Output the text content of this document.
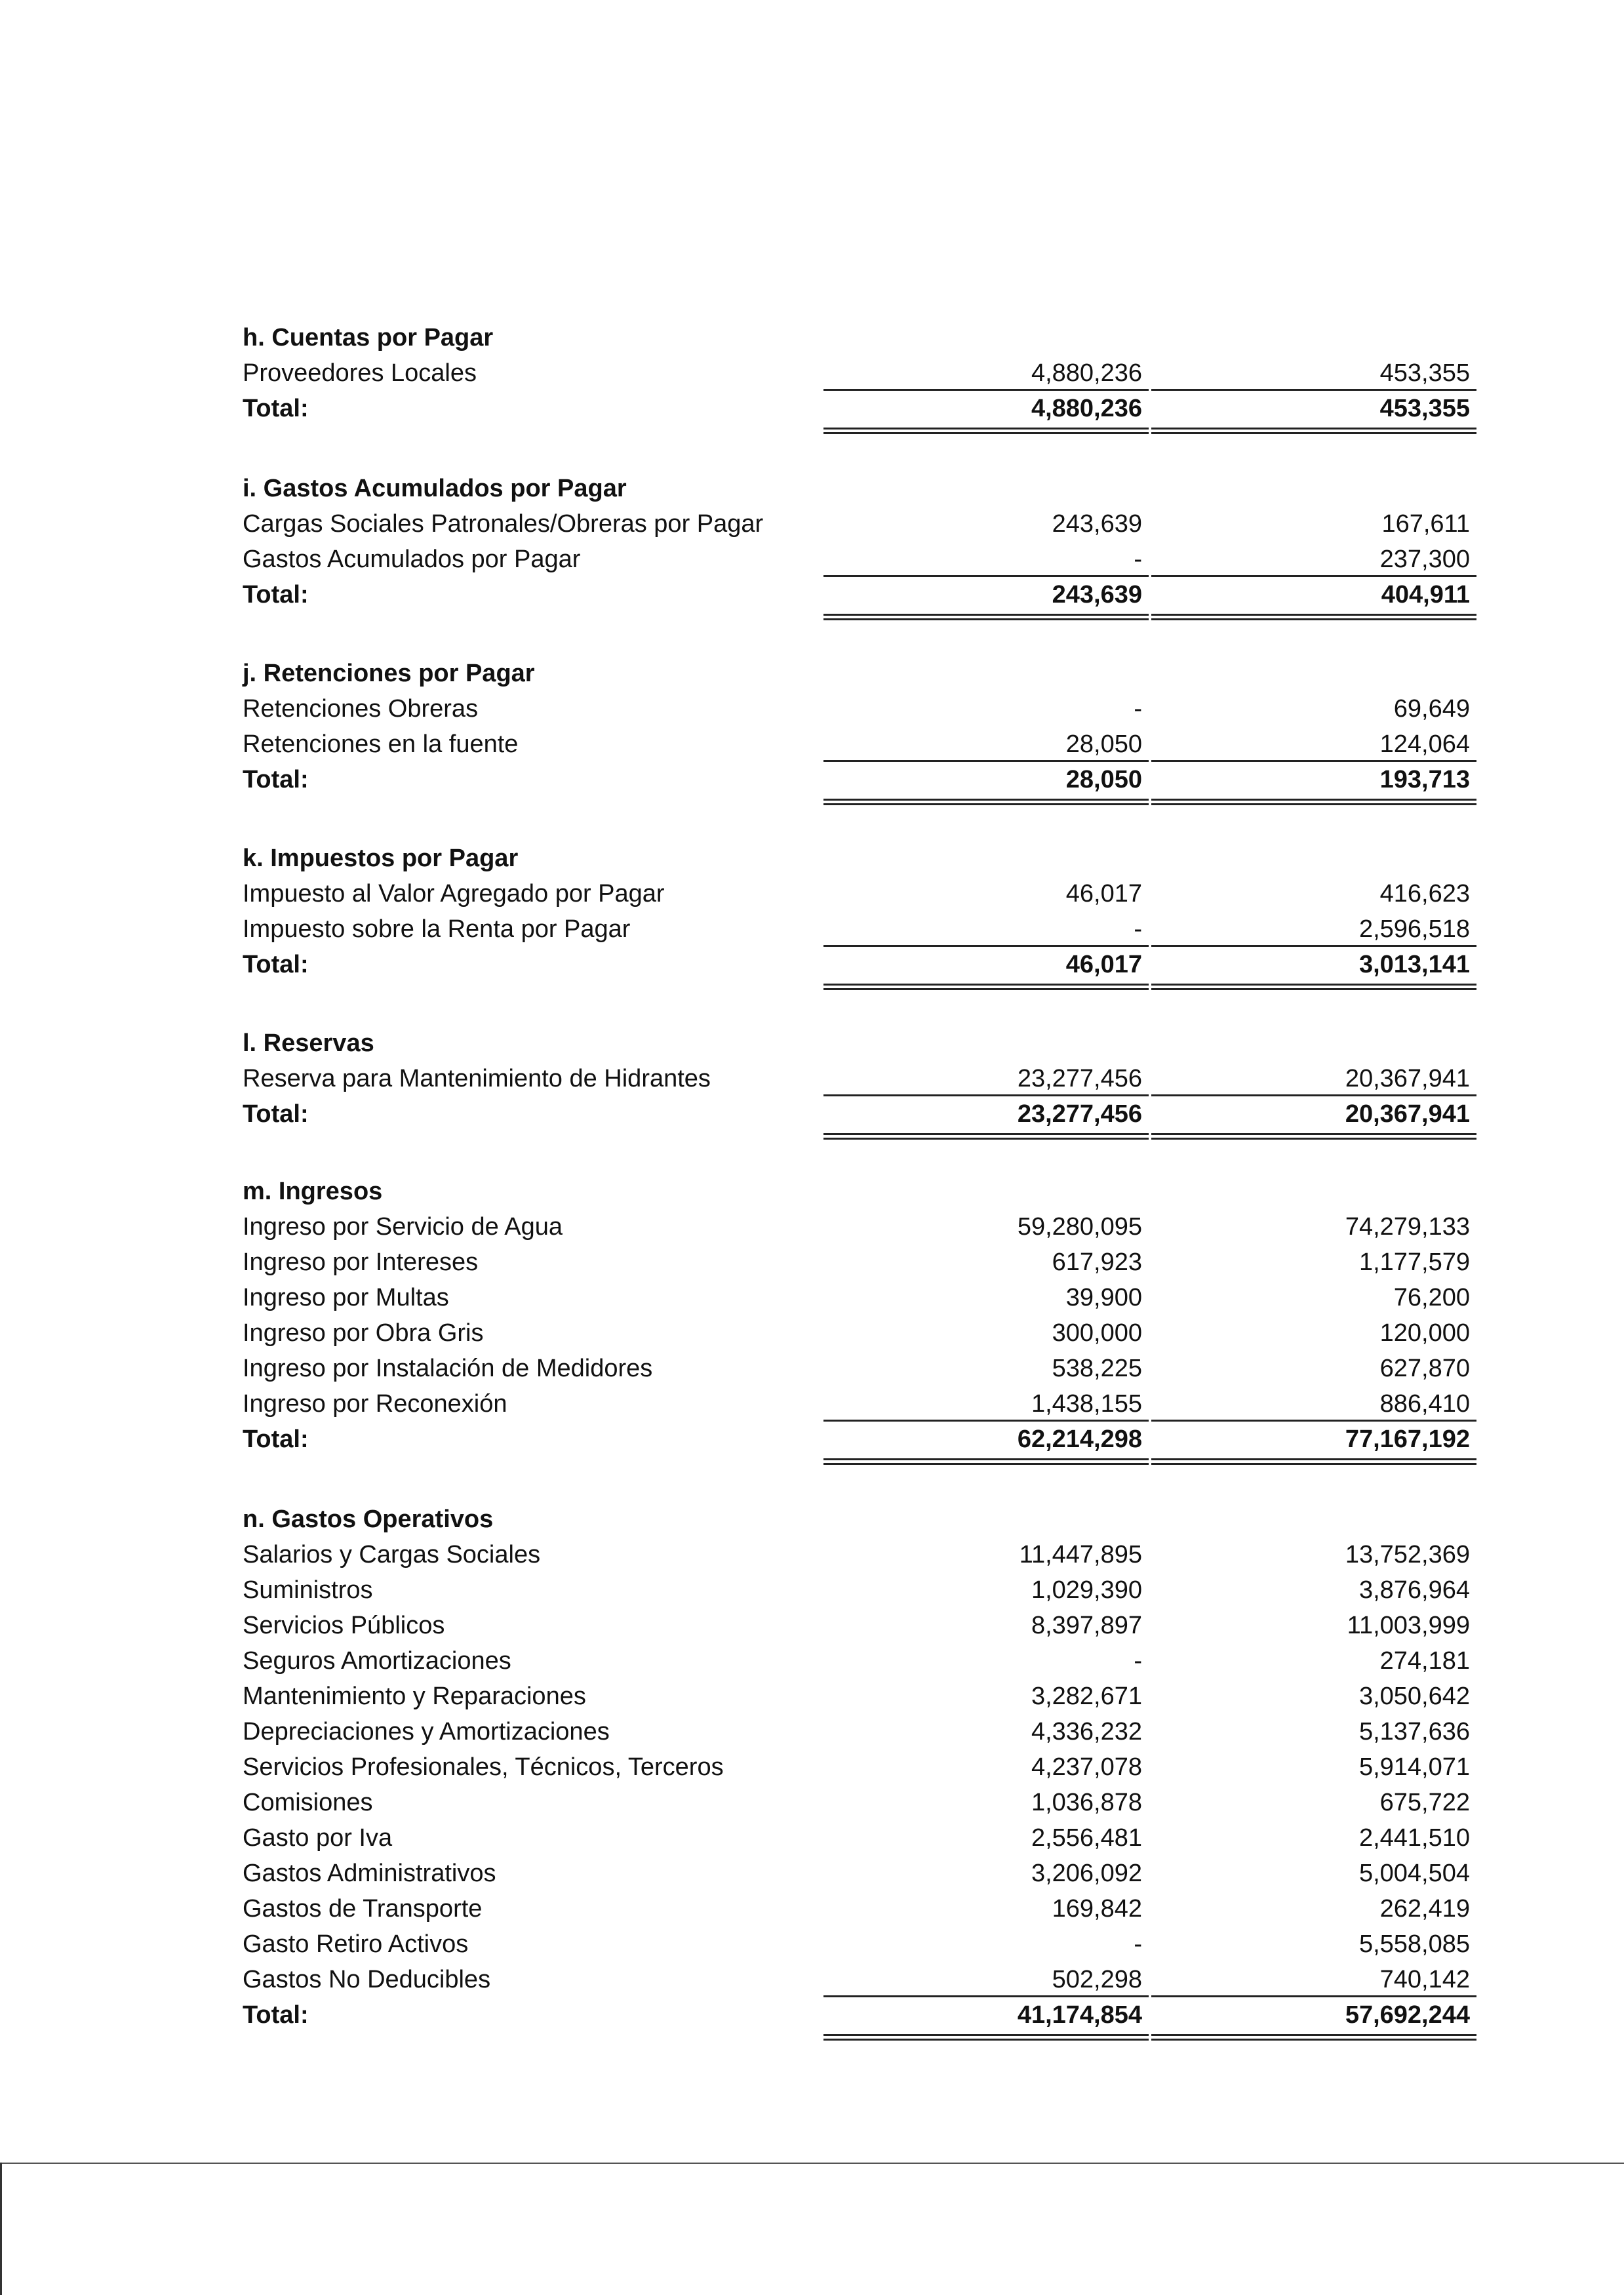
h. Cuentas por Pagar
Proveedores Locales	4,880,236	453,355
Total:	4,880,236	453,355
i. Gastos Acumulados por Pagar
Cargas Sociales Patronales/Obreras por Pagar	243,639	167,611
Gastos Acumulados por Pagar	-	237,300
Total:	243,639	404,911
j. Retenciones por Pagar
Retenciones Obreras	-	69,649
Retenciones en la fuente	28,050	124,064
Total:	28,050	193,713
k. Impuestos por Pagar
Impuesto al Valor Agregado por Pagar	46,017	416,623
Impuesto sobre la Renta por Pagar	-	2,596,518
Total:	46,017	3,013,141
l. Reservas
Reserva para Mantenimiento de Hidrantes	23,277,456	20,367,941
Total:	23,277,456	20,367,941
m. Ingresos
Ingreso por Servicio de Agua	59,280,095	74,279,133
Ingreso por Intereses	617,923	1,177,579
Ingreso por Multas	39,900	76,200
Ingreso por Obra Gris	300,000	120,000
Ingreso por Instalación de Medidores	538,225	627,870
Ingreso por Reconexión	1,438,155	886,410
Total:	62,214,298	77,167,192
n. Gastos Operativos
Salarios y Cargas Sociales	11,447,895	13,752,369
Suministros	1,029,390	3,876,964
Servicios Públicos	8,397,897	11,003,999
Seguros Amortizaciones	-	274,181
Mantenimiento y Reparaciones	3,282,671	3,050,642
Depreciaciones y Amortizaciones	4,336,232	5,137,636
Servicios Profesionales, Técnicos, Terceros	4,237,078	5,914,071
Comisiones	1,036,878	675,722
Gasto por Iva	2,556,481	2,441,510
Gastos Administrativos	3,206,092	5,004,504
Gastos de Transporte	169,842	262,419
Gasto Retiro Activos	-	5,558,085
Gastos No Deducibles	502,298	740,142
Total:	41,174,854	57,692,244
